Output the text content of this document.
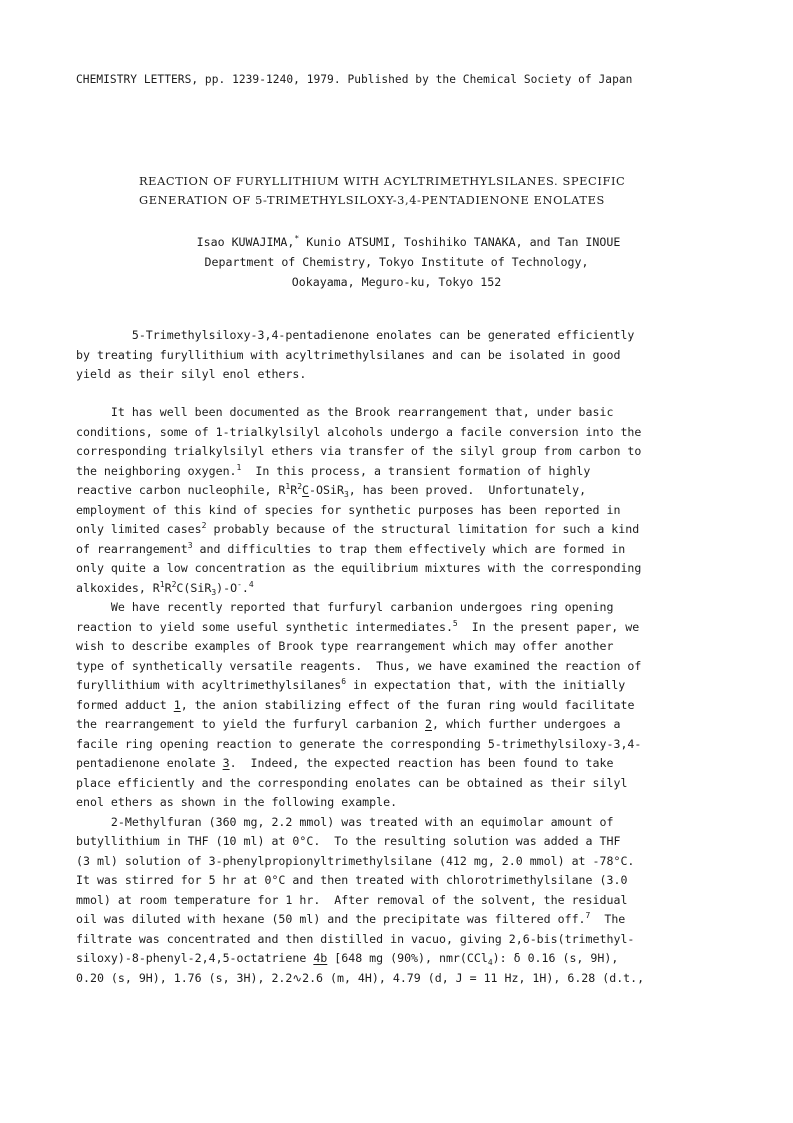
CHEMISTRY LETTERS, pp. 1239-1240, 1979. Published by the Chemical Society of Japan
REACTION OF FURYLLITHIUM WITH ACYLTRIMETHYLSILANES. SPECIFIC
GENERATION OF 5-TRIMETHYLSILOXY-3,4-PENTADIENONE ENOLATES
Isao KUWAJIMA,* Kunio ATSUMI, Toshihiko TANAKA, and Tan INOUE
Department of Chemistry, Tokyo Institute of Technology,
Ookayama, Meguro-ku, Tokyo 152
5-Trimethylsiloxy-3,4-pentadienone enolates can be generated efficiently
by treating furyllithium with acyltrimethylsilanes and can be isolated in good
yield as their silyl enol ethers.
It has well been documented as the Brook rearrangement that, under basic
conditions, some of 1-trialkylsilyl alcohols undergo a facile conversion into the
corresponding trialkylsilyl ethers via transfer of the silyl group from carbon to
the neighboring oxygen.$^1$  In this process, a transient formation of highly
reactive carbon nucleophile, $R^1R^2C-OSiR_3$, has been proved.  Unfortunately,
employment of this kind of species for synthetic purposes has been reported in
only limited cases$^2$ probably because of the structural limitation for such a kind
of rearrangement$^3$ and difficulties to trap them effectively which are formed in
only quite a low concentration as the equilibrium mixtures with the corresponding
alkoxides, $R^1R^2C(SiR_3)-O^-.^4$
We have recently reported that furfuryl carbanion undergoes ring opening
reaction to yield some useful synthetic intermediates.$^5$  In the present paper, we
wish to describe examples of Brook type rearrangement which may offer another
type of synthetically versatile reagents.  Thus, we have examined the reaction of
furyllithium with acyltrimethylsilanes$^6$ in expectation that, with the initially
formed adduct 1, the anion stabilizing effect of the furan ring would facilitate
the rearrangement to yield the furfuryl carbanion 2, which further undergoes a
facile ring opening reaction to generate the corresponding 5-trimethylsiloxy-3,4-
pentadienone enolate 3.  Indeed, the expected reaction has been found to take
place efficiently and the corresponding enolates can be obtained as their silyl
enol ethers as shown in the following example.
2-Methylfuran (360 mg, 2.2 mmol) was treated with an equimolar amount of
butyllithium in THF (10 ml) at 0°C.  To the resulting solution was added a THF
(3 ml) solution of 3-phenylpropionyltrimethylsilane (412 mg, 2.0 mmol) at -78°C.
It was stirred for 5 hr at 0°C and then treated with chlorotrimethylsilane (3.0
mmol) at room temperature for 1 hr.  After removal of the solvent, the residual
oil was diluted with hexane (50 ml) and the precipitate was filtered off.$^7$  The
filtrate was concentrated and then distilled in vacuo, giving 2,6-bis(trimethyl-
siloxy)-8-phenyl-2,4,5-octatriene 4b [648 mg (90%), nmr(CCl$_4$): δ 0.16 (s, 9H),
0.20 (s, 9H), 1.76 (s, 3H), 2.2∿2.6 (m, 4H), 4.79 (d, J = 11 Hz, 1H), 6.28 (d.t.,
